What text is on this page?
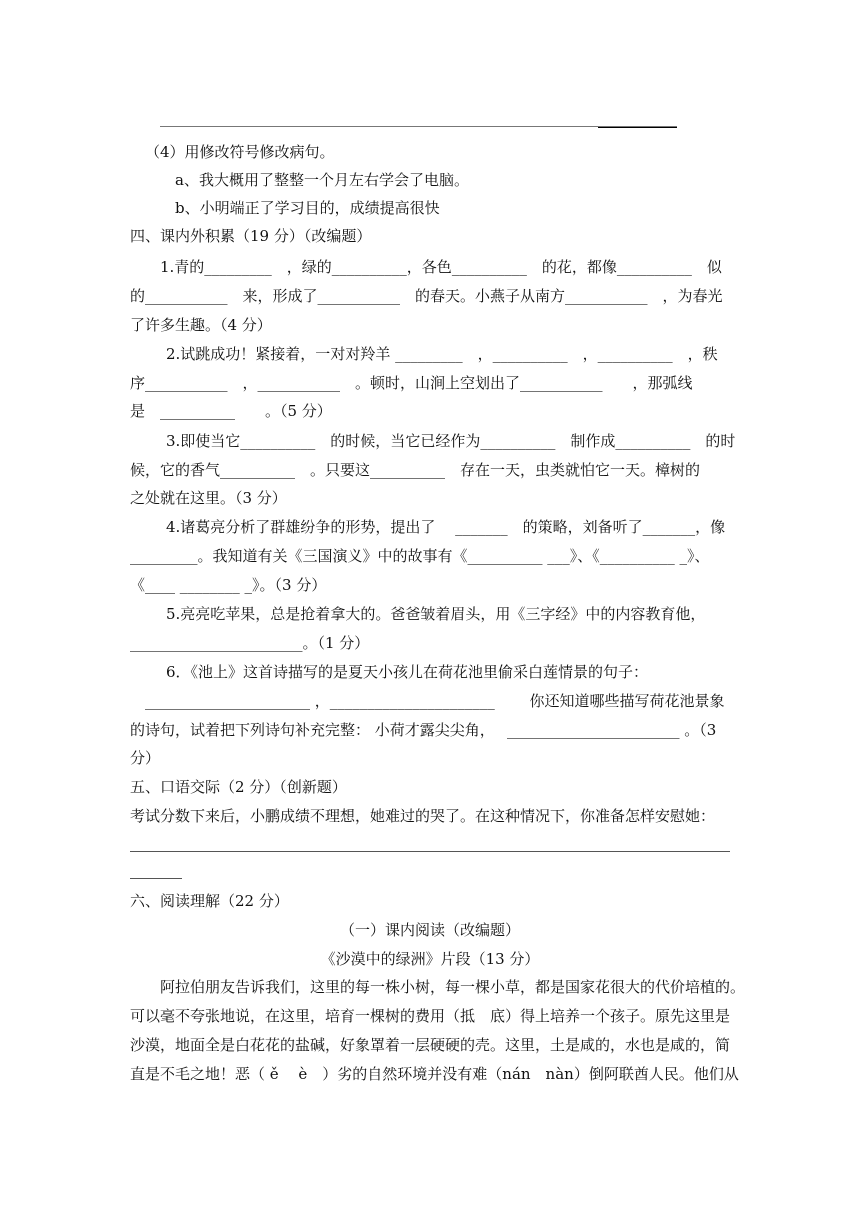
（4）用修改符号修改病句。
a、我大概用了整整一个月左右学会了电脑。
b、小明端正了学习目的，成绩提高很快
四、课内外积累（19 分）（改编题）
1.青的_________　，绿的__________，各色__________　的花，都像__________　似
的___________　来，形成了___________　的春天。小燕子从南方___________　，为春光
了许多生趣。（4 分）
2.试跳成功！紧接着，一对对羚羊 _________　，__________　，__________　，秩
序___________　，___________　。顿时，山涧上空划出了___________　　，那弧线
是　__________　　。（5 分）
3.即使当它__________　的时候，当它已经作为__________　制作成__________　的时
候，它的香气__________　。只要这__________　存在一天，虫类就怕它一天。樟树的
之处就在这里。（3 分）
4.诸葛亮分析了群雄纷争的形势，提出了　 _______　的策略，刘备听了_______，像
_________。我知道有关《三国演义》中的故事有《__________ ___》、《__________ _》、
《____ ________ _》。（3 分）
5.亮亮吃苹果，总是抢着拿大的。爸爸皱着眉头，用《三字经》中的内容教育他，
_______________________。（1 分）
6．《池上》这首诗描写的是夏天小孩儿在荷花池里偷采白莲情景的句子：
______________________ ，______________________　　 你还知道哪些描写荷花池景象
的诗句，试着把下列诗句补充完整： 小荷才露尖尖角，　 _______________________ 。（3
分）
五、口语交际（2 分）（创新题）
考试分数下来后，小鹏成绩不理想，她难过的哭了。在这种情况下，你准备怎样安慰她：
六、阅读理解（22 分）
（一）课内阅读（改编题）
《沙漠中的绿洲》片段（13 分）
阿拉伯朋友告诉我们，这里的每一株小树，每一棵小草，都是国家花很大的代价培植的。
可以毫不夸张地说，在这里，培育一棵树的费用（抵　底）得上培养一个孩子。原先这里是
沙漠，地面全是白花花的盐碱，好象罩着一层硬硬的壳。这里，土是咸的，水也是咸的，简
直是不毛之地！恶（ ě　 è　）劣的自然环境并没有难（nán　nàn）倒阿联酋人民。他们从
